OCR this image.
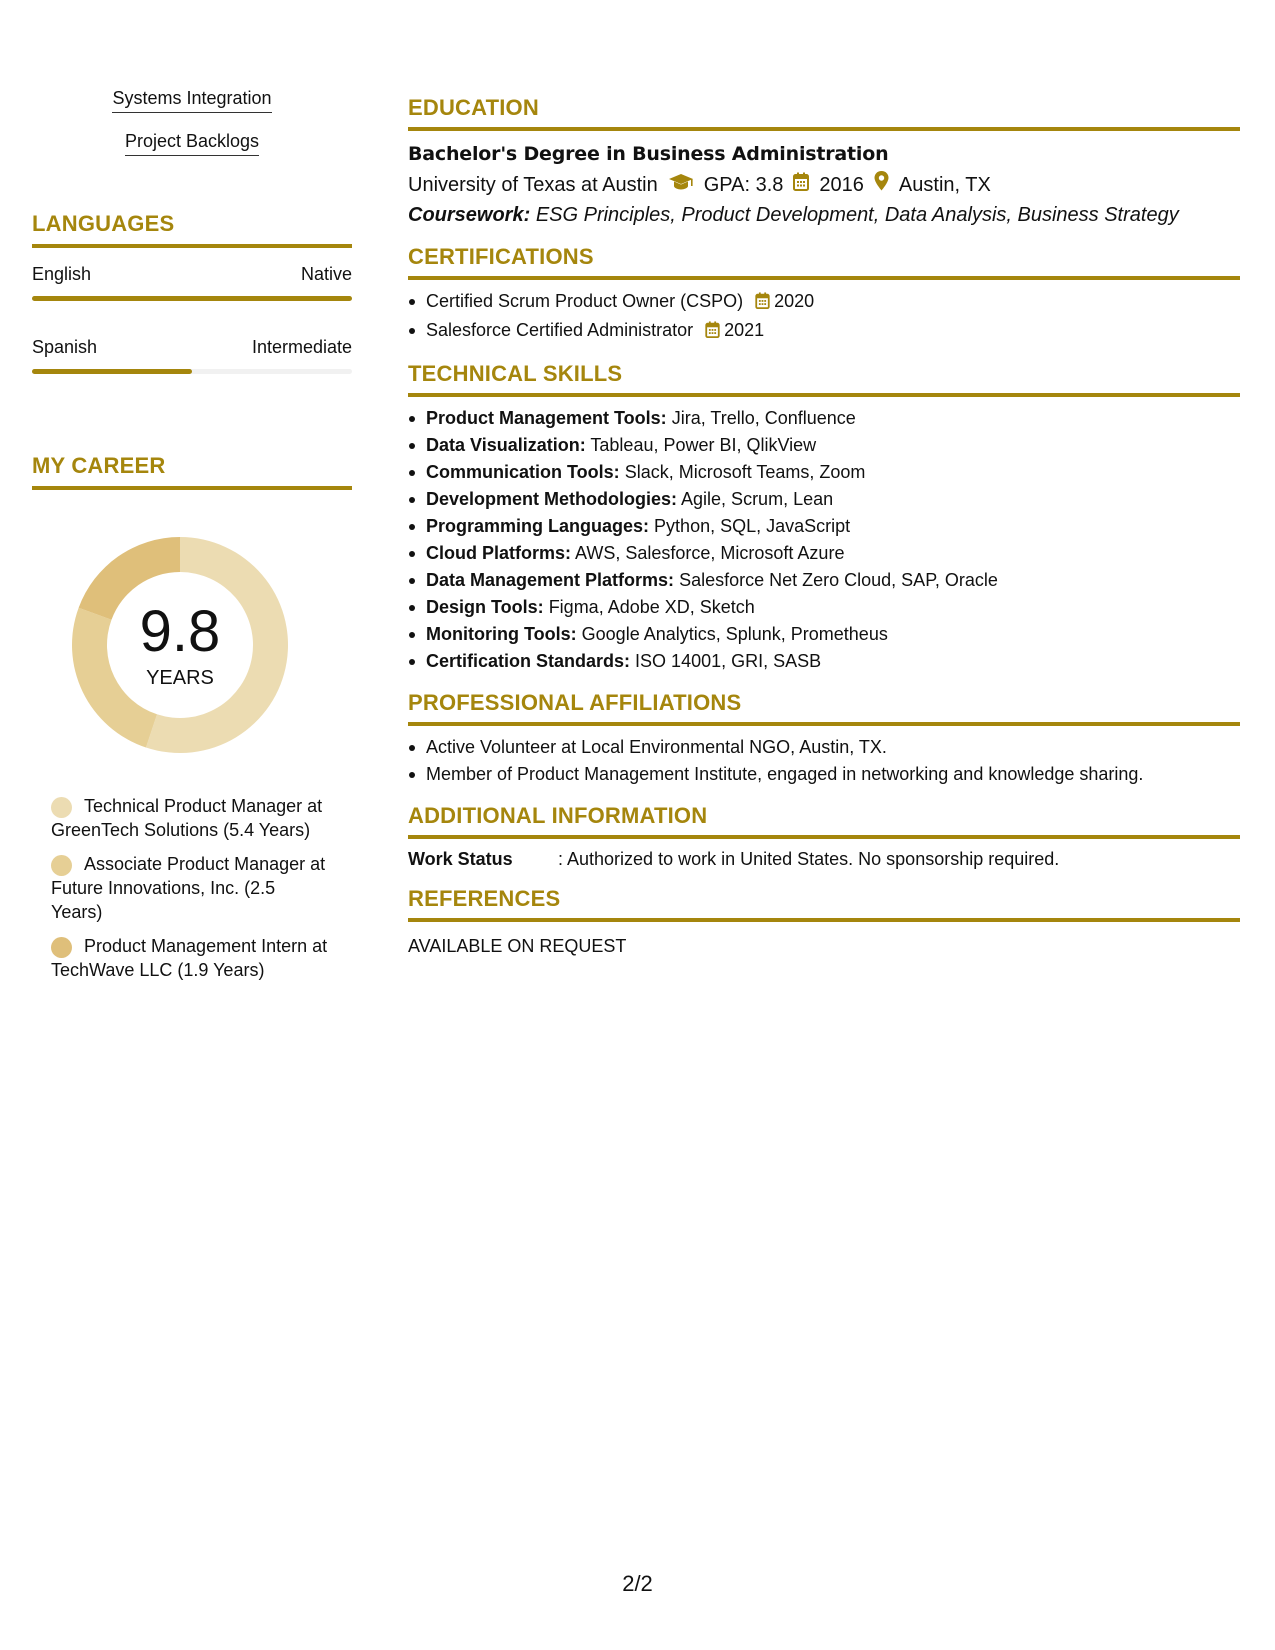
Systems Integration
Project Backlogs
LANGUAGES
English	Native
Spanish	Intermediate
MY CAREER
9.8
YEARS
Technical Product Manager at GreenTech Solutions (5.4 Years)
Associate Product Manager at Future Innovations, Inc. (2.5 Years)
Product Management Intern at TechWave LLC (1.9 Years)
EDUCATION
Bachelor's Degree in Business Administration
University of Texas at Austin GPA: 3.8 2016 Austin, TX
Coursework: ESG Principles, Product Development, Data Analysis, Business Strategy
CERTIFICATIONS
Certified Scrum Product Owner (CSPO) 2020
Salesforce Certified Administrator 2021
TECHNICAL SKILLS
Product Management Tools: Jira, Trello, Confluence
Data Visualization: Tableau, Power BI, QlikView
Communication Tools: Slack, Microsoft Teams, Zoom
Development Methodologies: Agile, Scrum, Lean
Programming Languages: Python, SQL, JavaScript
Cloud Platforms: AWS, Salesforce, Microsoft Azure
Data Management Platforms: Salesforce Net Zero Cloud, SAP, Oracle
Design Tools: Figma, Adobe XD, Sketch
Monitoring Tools: Google Analytics, Splunk, Prometheus
Certification Standards: ISO 14001, GRI, SASB
PROFESSIONAL AFFILIATIONS
Active Volunteer at Local Environmental NGO, Austin, TX.
Member of Product Management Institute, engaged in networking and knowledge sharing.
ADDITIONAL INFORMATION
Work Status	: Authorized to work in United States. No sponsorship required.
REFERENCES
AVAILABLE ON REQUEST
2/2
